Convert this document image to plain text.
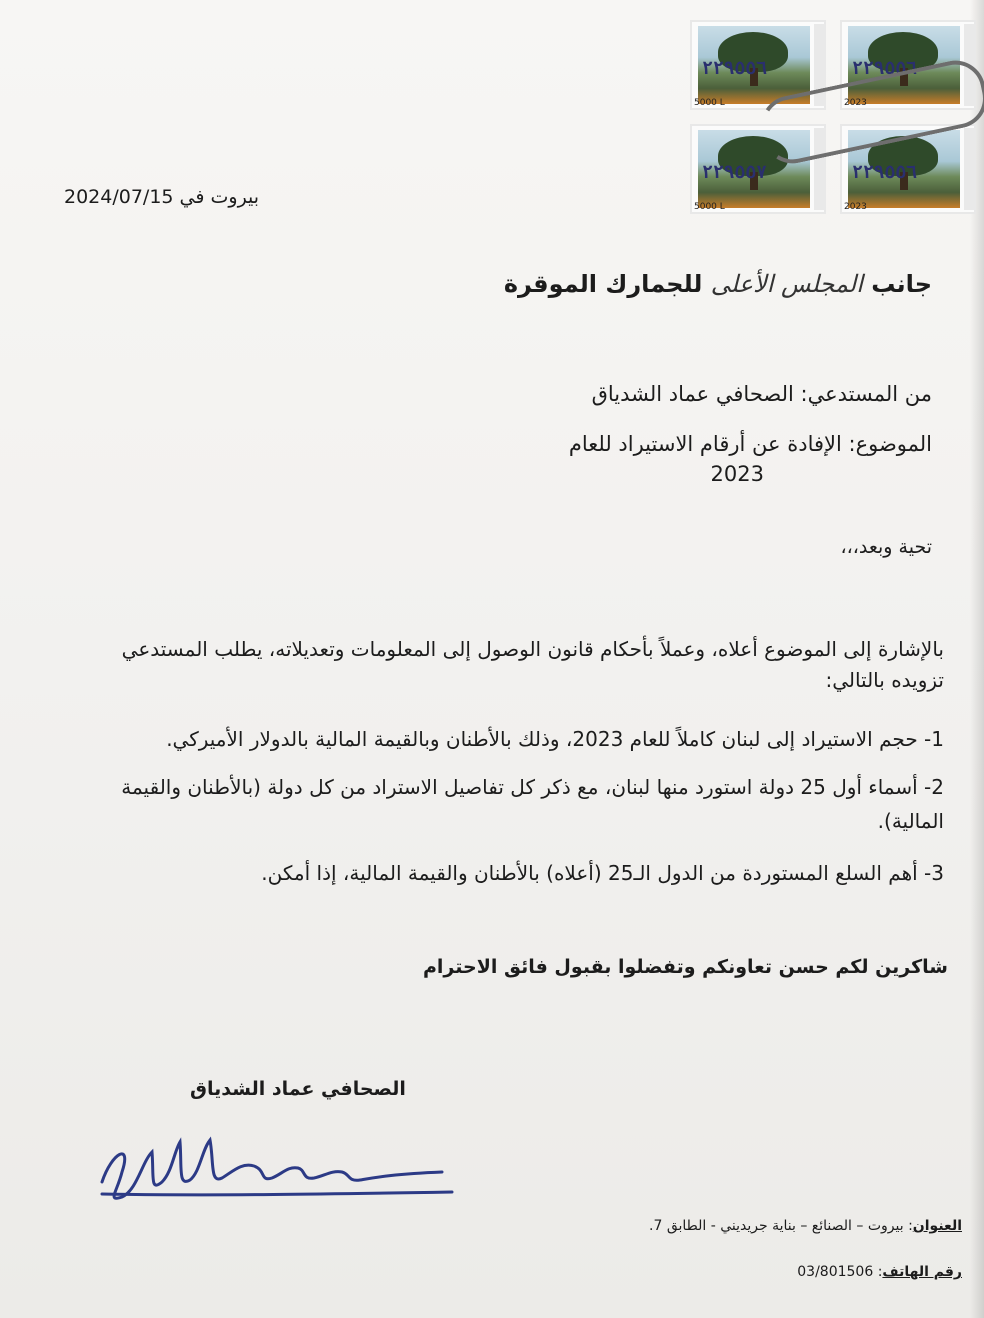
٢٢٩٥٥٦
5000 L
٢٢٩٥٥٦
2023
٢٢٩٥٥٧
5000 L
٢٢٩٥٥٦
2023
بيروت في 2024/07/15
جانب المجلس الأعلى للجمارك الموقرة
من المستدعي: الصحافي عماد الشدياق
الموضوع: الإفادة عن أرقام الاستيراد للعام
2023
تحية وبعد،،،
بالإشارة إلى الموضوع أعلاه، وعملاً بأحكام قانون الوصول إلى المعلومات وتعديلاته، يطلب المستدعي تزويده بالتالي:
1- حجم الاستيراد إلى لبنان كاملاً للعام 2023، وذلك بالأطنان وبالقيمة المالية بالدولار الأميركي.
2- أسماء أول 25 دولة استورد منها لبنان، مع ذكر كل تفاصيل الاستراد من كل دولة (بالأطنان والقيمة المالية).
3- أهم السلع المستوردة من الدول الـ25 (أعلاه) بالأطنان والقيمة المالية، إذا أمكن.
شاكرين لكم حسن تعاونكم وتفضلوا بقبول فائق الاحترام
الصحافي عماد الشدياق
العنوان: بيروت – الصنائع – بناية جريديني - الطابق 7.
رقم الهاتف: 03/801506
